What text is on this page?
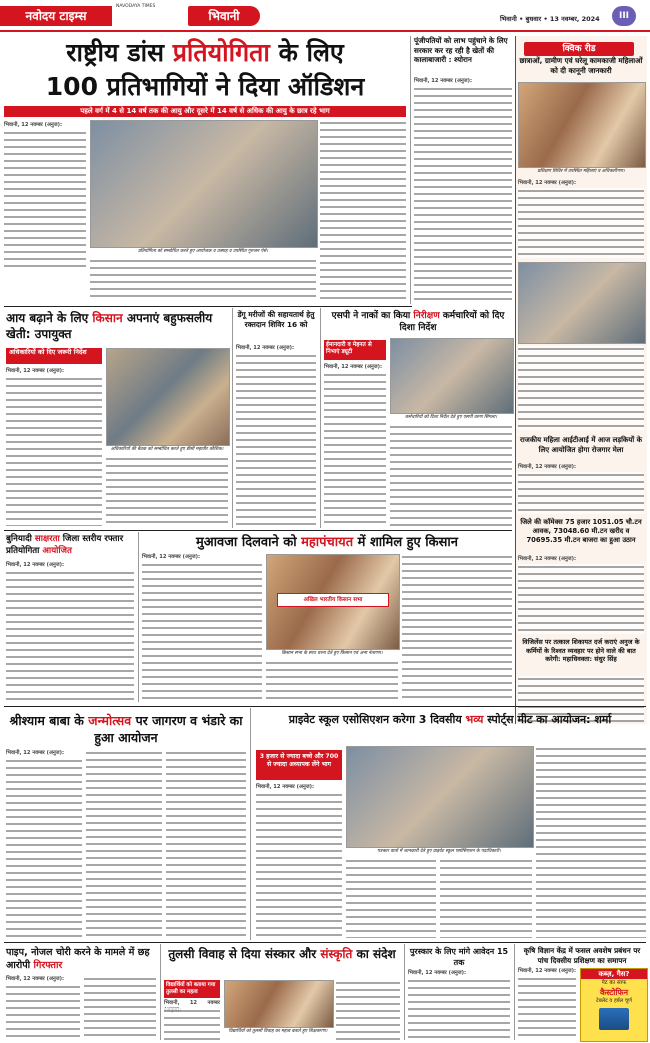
नवोदय टाइम्स
NAVODAYA TIMES
भिवानी	भिवानी • बुधवार • 13 नवम्बर, 2024	III
राष्ट्रीय डांस प्रतियोगिता के लिए
100 प्रतिभागियों ने दिया ऑडिशन
पहले वर्ग में 4 से 14 वर्ष तक की आयु और दूसरे में 14 वर्ष से अधिक की आयु के छात्र रहे भाग
भिवानी, 12 नवम्बर (अनुज):
प्रतियोगिता को सम्बोधित करते हुए आयोजक व उत्साह व उपस्थित गुरुजन ऐसे।
पूंजीपतियों को लाभ पहुंचाने के लिए सरकार कर रह रही है खेतों की कालाबाजारी : श्योरान
भिवानी, 12 नवम्बर (अनुज):
क्विक रीड
छात्राओं, ग्रामीण एवं घरेलू कामकाजी महिलाओं को दी कानूनी जानकारी
प्रशिक्षण शिविर में उपस्थित महिलाएं व अधिकारीगण।
भिवानी, 12 नवम्बर (अनुज):
राजकीय महिला आईटीआई में आज लड़कियों के लिए आयोजित होगा रोजगार मेला
भिवानी, 12 नवम्बर (अनुज):
जिले की कॉमेक्स 75 हजार 1051.05 चौ.टन आवक, 73048.60 मी.टन खरीद व 70695.35 मी.टन बाजरा का हुआ उठान
भिवानी, 12 नवम्बर (अनुज):
विजिलेंस पर तत्काल शिकायत दर्ज कराएं अनुज के कर्मियों के रिश्वत व्यवहार पर होने वाले की बात करेगी: महाधिवक्ता: संधुर सिंह
आय बढ़ाने के लिए किसान अपनाएं बहुफसलीय खेती: उपायुक्त
अधिकारियों को दिए जरूरी निर्देश
भिवानी, 12 नवम्बर (अनुज):
अधिकारियों की बैठक को सम्बोधित करते हुए डीसी महावीर कौशिक।
डेंगू मरीजों की सहायतार्थ हेतु रक्तदान शिविर 16 को
भिवानी, 12 नवम्बर (अनुज):
एसपी ने नाकों का किया निरीक्षण कर्मचारियों को दिए दिशा निर्देश
ईमानदारी व मेहनत से निभाएं ड्यूटी
कर्मचारियों को दिशा निर्देश देते हुए एसपी वरुण सिंगला।
भिवानी, 12 नवम्बर (अनुज):
बुनियादी साक्षरता जिला स्तरीय रफ्तार प्रतियोगिता आयोजित
भिवानी, 12 नवम्बर (अनुज):
मुआवजा दिलवाने को महापंचायत में शामिल हुए किसान
भिवानी, 12 नवम्बर (अनुज):
अखिल भारतीय किसान सभा
किसान सभा के साथ धरना देते हुए किसान एवं अन्य नेतागण।
श्रीश्याम बाबा के जन्मोत्सव पर जागरण व भंडारे का हुआ आयोजन
भिवानी, 12 नवम्बर (अनुज):
प्राइवेट स्कूल एसोसिएशन करेगा 3 दिवसीय भव्य स्पोर्ट्स मीट का आयोजन: शर्मा
3 हजार से ज्यादा बच्चे और 700 से ज्यादा अध्यापक लेंगे भाग
भिवानी, 12 नवम्बर (अनुज):
पत्रकार वार्ता में जानकारी देते हुए प्राइवेट स्कूल एसोसिएशन के पदाधिकारी।
पाइप, नोजल चोरी करने के मामले में छह आरोपी गिरफ्तार
भिवानी, 12 नवम्बर (अनुज):
तुलसी विवाह से दिया संस्कार और संस्कृति का संदेश
विद्यार्थियों को बताया गया तुलसी का महत्व
भिवानी, 12 नवम्बर
विद्यार्थियों को तुलसी विवाह का महत्व बताते हुए शिक्षकगण।
पुरस्कार के लिए मांगे आवेदन 15 तक
भिवानी, 12 नवम्बर (अनुज):
कृषि विज्ञान केंद्र में फसल अवशेष प्रबंधन पर पांच दिवसीय प्रशिक्षण का समापन
भिवानी, 12 नवम्बर (अनुज):	कब्ज़, गैस?
पेट का साफ
कैस्टोफिन
टेबलेट व हर्बल चूर्ण
